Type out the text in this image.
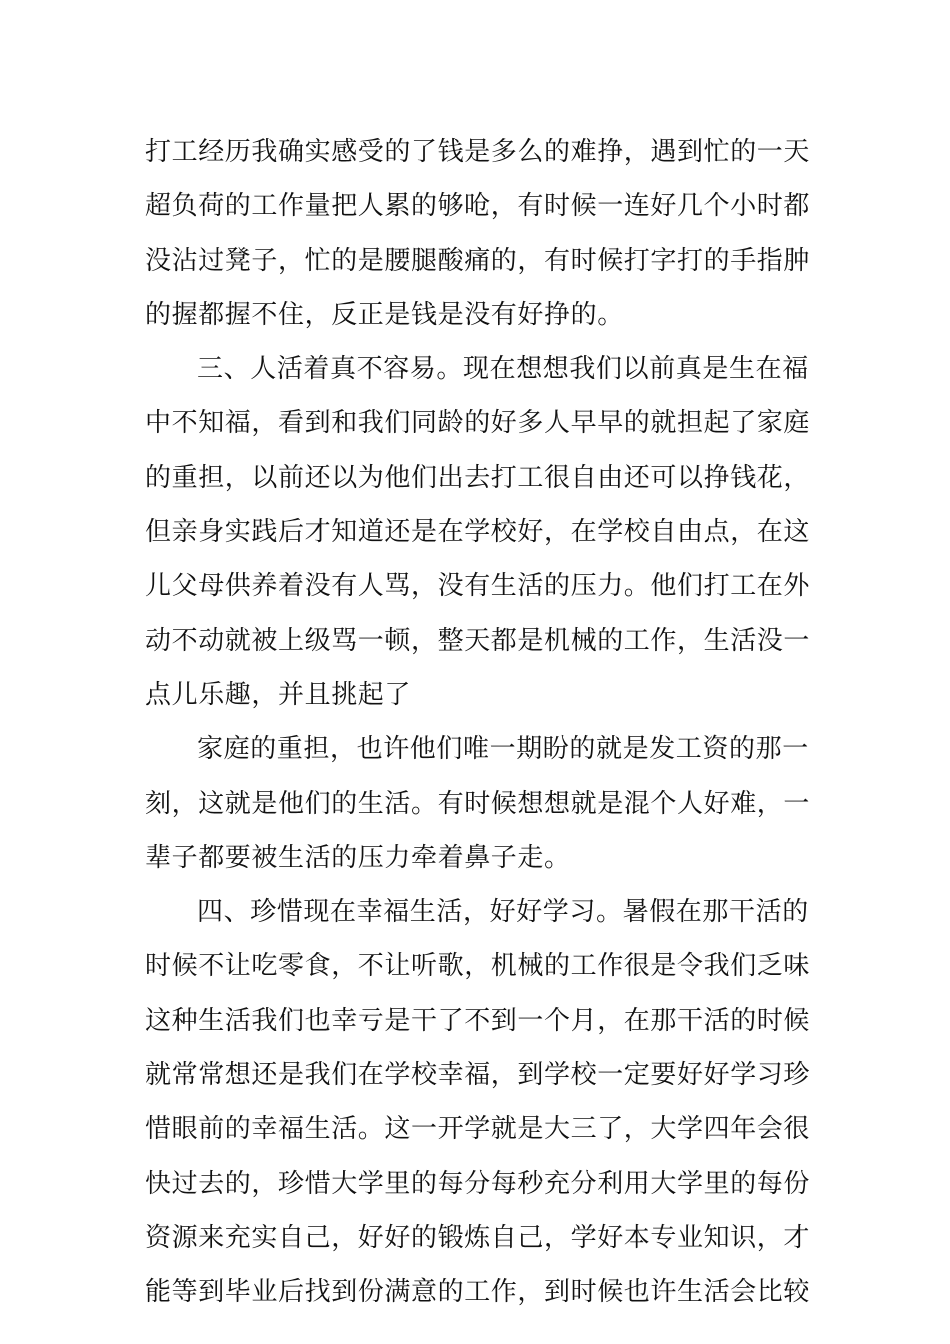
打工经历我确实感受的了钱是多么的难挣，遇到忙的一天
超负荷的工作量把人累的够呛，有时候一连好几个小时都
没沾过凳子，忙的是腰腿酸痛的，有时候打字打的手指肿
的握都握不住，反正是钱是没有好挣的。
三、人活着真不容易。现在想想我们以前真是生在福
中不知福，看到和我们同龄的好多人早早的就担起了家庭
的重担，以前还以为他们出去打工很自由还可以挣钱花，
但亲身实践后才知道还是在学校好，在学校自由点，在这
儿父母供养着没有人骂，没有生活的压力。他们打工在外
动不动就被上级骂一顿，整天都是机械的工作，生活没一
点儿乐趣，并且挑起了
家庭的重担，也许他们唯一期盼的就是发工资的那一
刻，这就是他们的生活。有时候想想就是混个人好难，一
辈子都要被生活的压力牵着鼻子走。
四、珍惜现在幸福生活，好好学习。暑假在那干活的
时候不让吃零食，不让听歌，机械的工作很是令我们乏味
这种生活我们也幸亏是干了不到一个月，在那干活的时候
就常常想还是我们在学校幸福，到学校一定要好好学习珍
惜眼前的幸福生活。这一开学就是大三了，大学四年会很
快过去的，珍惜大学里的每分每秒充分利用大学里的每份
资源来充实自己，好好的锻炼自己，学好本专业知识，才
能等到毕业后找到份满意的工作，到时候也许生活会比较
